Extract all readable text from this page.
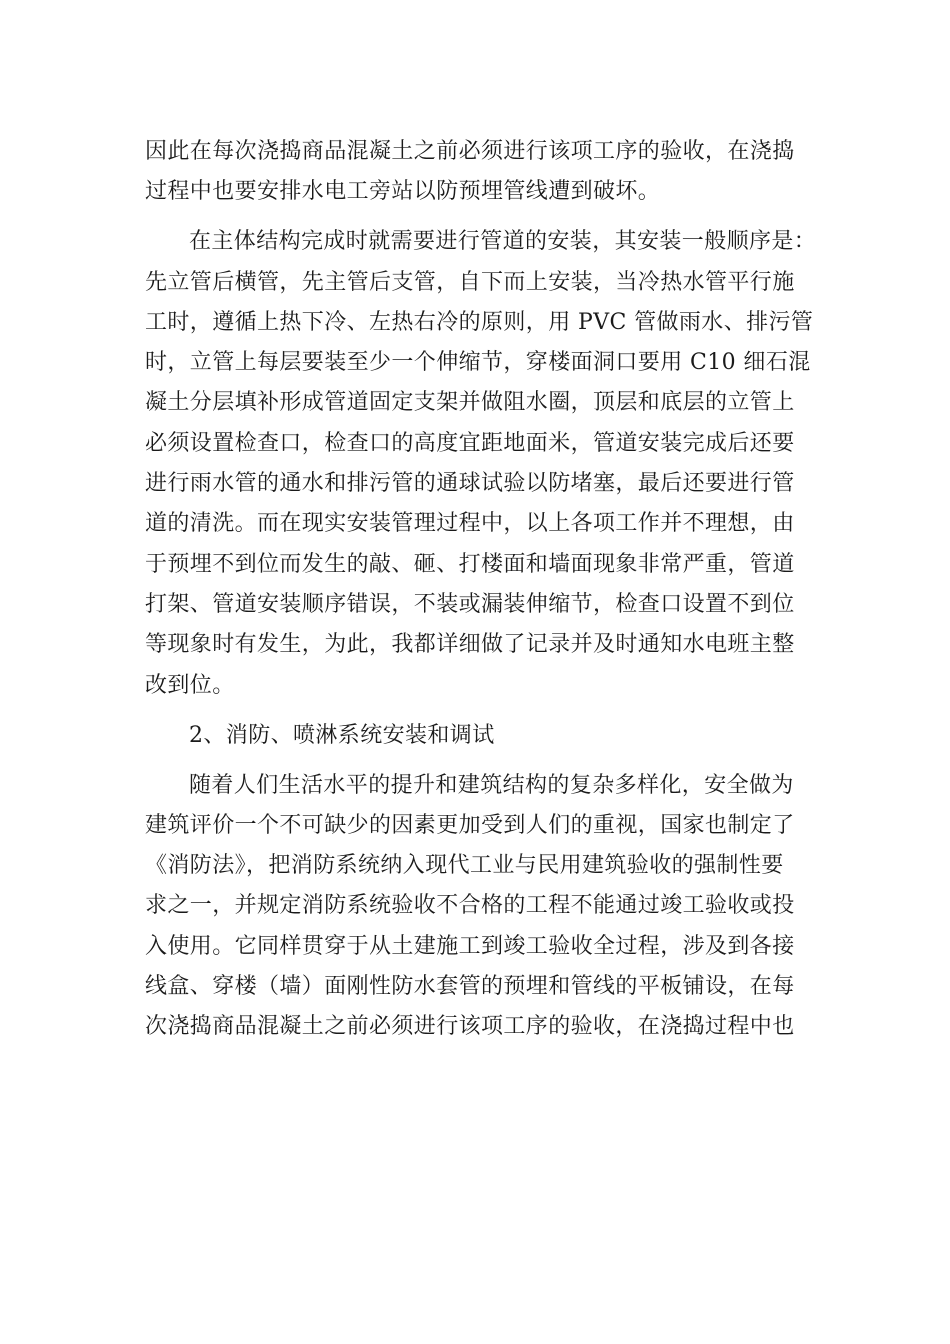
因此在每次浇捣商品混凝土之前必须进行该项工序的验收，在浇捣
过程中也要安排水电工旁站以防预埋管线遭到破坏。
在主体结构完成时就需要进行管道的安装，其安装一般顺序是：
先立管后横管，先主管后支管，自下而上安装，当冷热水管平行施
工时，遵循上热下冷、左热右冷的原则，用 PVC 管做雨水、排污管
时，立管上每层要装至少一个伸缩节，穿楼面洞口要用 C10 细石混
凝土分层填补形成管道固定支架并做阻水圈，顶层和底层的立管上
必须设置检查口，检查口的高度宜距地面米，管道安装完成后还要
进行雨水管的通水和排污管的通球试验以防堵塞，最后还要进行管
道的清洗。而在现实安装管理过程中，以上各项工作并不理想，由
于预埋不到位而发生的敲、砸、打楼面和墙面现象非常严重，管道
打架、管道安装顺序错误，不装或漏装伸缩节，检查口设置不到位
等现象时有发生，为此，我都详细做了记录并及时通知水电班主整
改到位。
2、消防、喷淋系统安装和调试
随着人们生活水平的提升和建筑结构的复杂多样化，安全做为
建筑评价一个不可缺少的因素更加受到人们的重视，国家也制定了
《消防法》，把消防系统纳入现代工业与民用建筑验收的强制性要
求之一，并规定消防系统验收不合格的工程不能通过竣工验收或投
入使用。它同样贯穿于从土建施工到竣工验收全过程，涉及到各接
线盒、穿楼（墙）面刚性防水套管的预埋和管线的平板铺设，在每
次浇捣商品混凝土之前必须进行该项工序的验收，在浇捣过程中也
